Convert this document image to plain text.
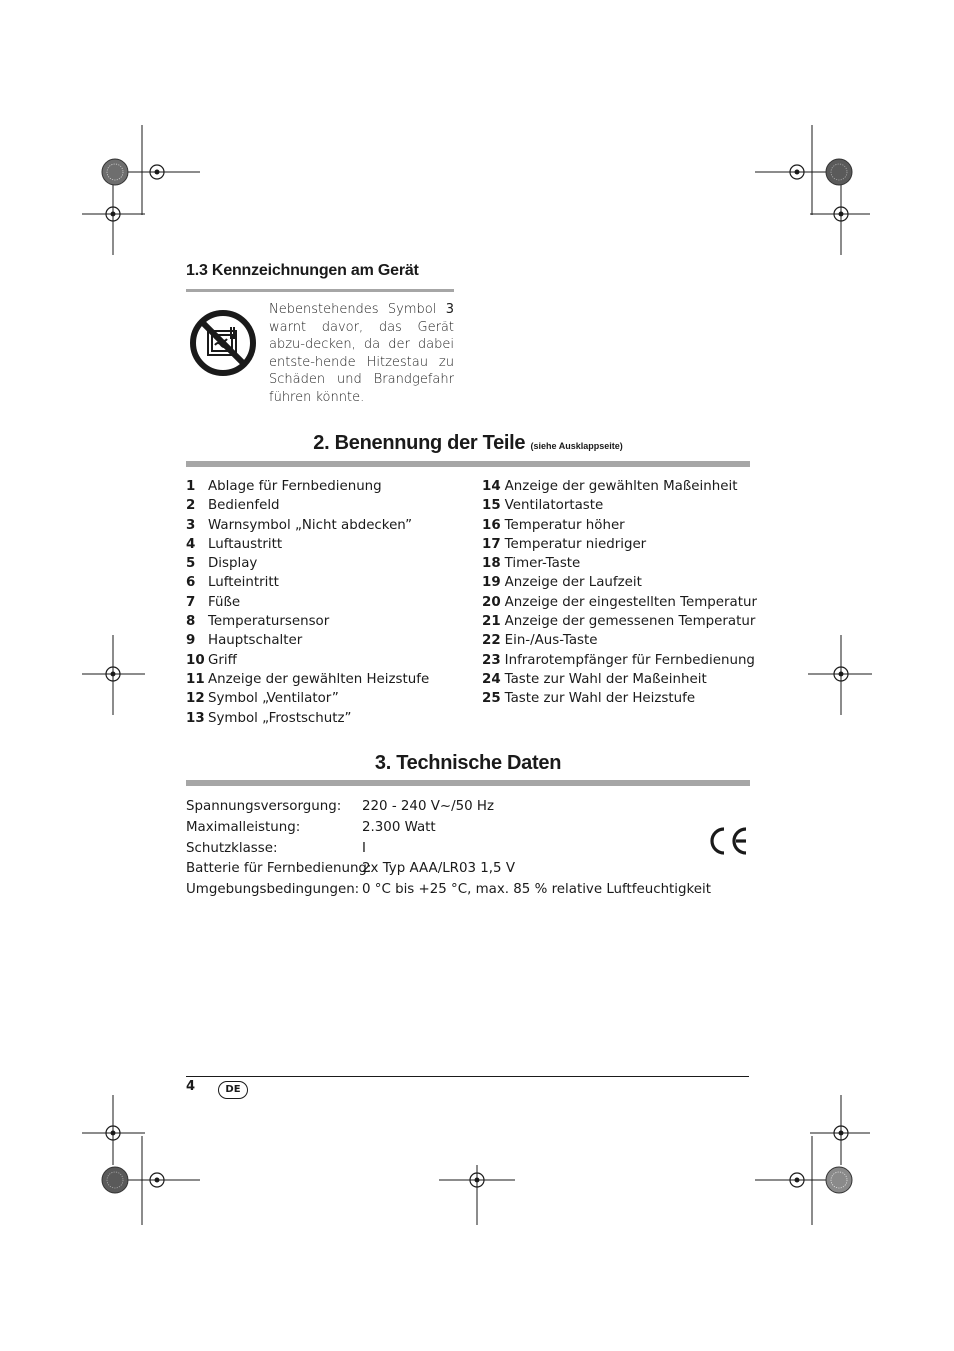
1.3 Kennzeichnungen am Gerät
Nebenstehendes Symbol 3 warnt davor, das Gerät abzu-decken, da der dabei entste-hende Hitzestau zu Schäden und Brandgefahr führen könnte.
2. Benennung der Teile (siehe Ausklappseite)
1 Ablage für Fernbedienung
2 Bedienfeld
3 Warnsymbol „Nicht abdecken”
4 Luftaustritt
5 Display
6 Lufteintritt
7 Füße
8 Temperatursensor
9 Hauptschalter
10 Griff
11 Anzeige der gewählten Heizstufe
12 Symbol „Ventilator”
13 Symbol „Frostschutz”
14 Anzeige der gewählten Maßeinheit
15 Ventilatortaste
16 Temperatur höher
17 Temperatur niedriger
18 Timer-Taste
19 Anzeige der Laufzeit
20 Anzeige der eingestellten Temperatur
21 Anzeige der gemessenen Temperatur
22 Ein-/Aus-Taste
23 Infrarotempfänger für Fernbedienung
24 Taste zur Wahl der Maßeinheit
25 Taste zur Wahl der Heizstufe
3. Technische Daten
Spannungsversorgung: 220 - 240 V~/50 Hz
Maximalleistung:	2.300 Watt
Schutzklasse:	I
Batterie für Fernbedienung:2x Typ AAA/LR03 1,5 V
Umgebungsbedingungen: 0 °C bis +25 °C, max. 85 % relative Luftfeuchtigkeit
4	DE
